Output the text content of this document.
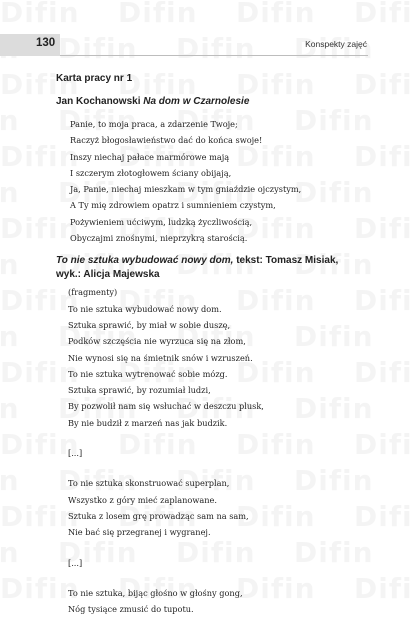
130	Konspekty zajęć
Karta pracy nr 1
Jan Kochanowski Na dom w Czarnolesie
Panie, to moja praca, a zdarzenie Twoje;
Raczyż błogosławieństwo dać do końca swoje!
Inszy niechaj pałace marmórowe mają
I szczerym złotogłowem ściany obijają,
Ja, Panie, niechaj mieszkam w tym gniaździe ojczystym,
A Ty mię zdrowiem opatrz i sumnieniem czystym,
Pożywieniem ućciwym, ludzką życzliwością,
Obyczajmi znośnymi, nieprzykrą starością.
To nie sztuka wybudować nowy dom, tekst: Tomasz Misiak,
wyk.: Alicja Majewska
(fragmenty)
To nie sztuka wybudować nowy dom.
Sztuka sprawić, by miał w sobie duszę,
Podków szczęścia nie wyrzuca się na złom,
Nie wynosi się na śmietnik snów i wzruszeń.
To nie sztuka wytrenować sobie mózg.
Sztuka sprawić, by rozumiał ludzi,
By pozwolił nam się wsłuchać w deszczu plusk,
By nie budził z marzeń nas jak budzik.
[...]
To nie sztuka skonstruować superplan,
Wszystko z góry mieć zaplanowane.
Sztuka z losem grę prowadząc sam na sam,
Nie bać się przegranej i wygranej.
[...]
To nie sztuka, bijąc głośno w głośny gong,
Nóg tysiące zmusić do tupotu.
